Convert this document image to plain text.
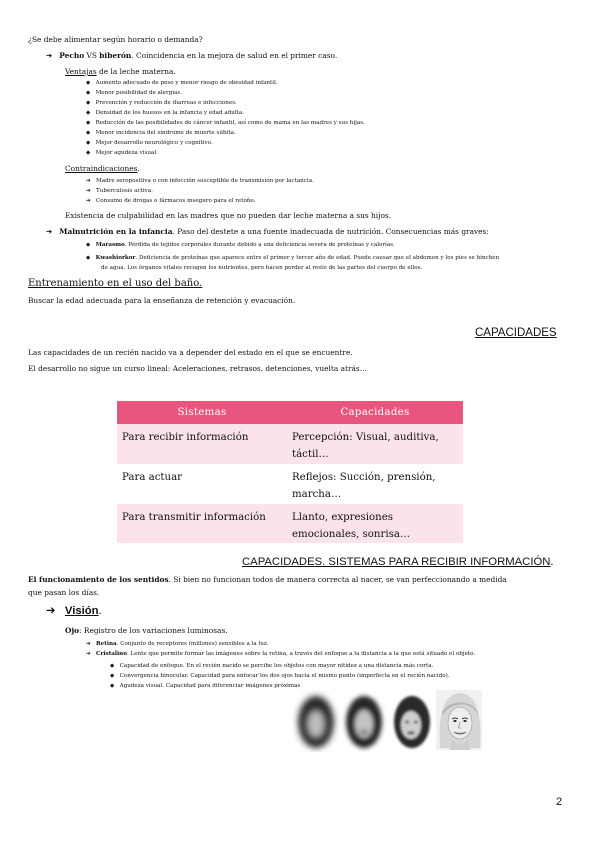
¿Se debe alimentar según horario o demanda?
➔ Pecho VS biberón. Coincidencia en la mejora de salud en el primer caso.
Ventajas de la leche materna.
◆ Aumento adecuado de peso y menor riesgo de obesidad infantil.
◆ Menor posibilidad de alergias.
◆ Prevención y reducción de diarreas e infecciones.
◆ Densidad de los huesos en la infancia y edad adulta.
◆ Reducción de las posibilidades de cáncer infantil, así como de mama en las madres y sus hijas.
◆ Menor incidencia del síndrome de muerte súbita.
◆ Mejor desarrollo neurológico y cognitivo.
◆ Mejor agudeza visual.
Contraindicaciones.
➔ Madre seropositiva o con infección susceptible de transmisión por lactancia.
➔ Tuberculosis activa.
➔ Consumo de drogas o fármacos inseguro para el retoño.
Existencia de culpabilidad en las madres que no pueden dar leche materna a sus hijos.
➔ Malnutrición en la infancia. Paso del destete a una fuente inadecuada de nutrición. Consecuencias más graves:
◆ Marasmo. Pérdida de tejidos corporales durante debido a una deficiencia severa de proteínas y calorías.
◆ Kwashiorkor. Deficiencia de proteínas que aparece entre el primer y tercer año de edad. Puede causar que el abdomen y los pies se hinchen
de agua. Los órganos vitales recogen los nutrientes, pero hacen perder al resto de las partes del cuerpo de ellos.
Entrenamiento en el uso del baño.
Buscar la edad adecuada para la enseñanza de retención y evacuación.
CAPACIDADES
Las capacidades de un recién nacido va a depender del estado en el que se encuentre.
El desarrollo no sigue un curso lineal: Aceleraciones, retrasos, detenciones, vuelta atrás…
Sistemas	Capacidades
Para recibir información	Percepción: Visual, auditiva, táctil…
Para actuar	Reflejos: Succión, prensión, marcha…
Para transmitir información	Llanto, expresiones emocionales, sonrisa…
CAPACIDADES. SISTEMAS PARA RECIBIR INFORMACIÓN.
El funcionamiento de los sentidos. Si bien no funcionan todos de manera correcta al nacer, se van perfeccionando a medida
que pasan los días.
➔ Visión.
Ojo: Registro de los variaciones luminosas.
➔ Retina. Conjunto de receptores (millones) sensibles a la luz.
➔ Cristalino. Lente que permite formar las imágenes sobre la retina, a través del enfoque a la distancia a la que está situado el objeto.
◆ Capacidad de enfoque. En el recién nacido se percibe los objetos con mayor nitidez a una distancia más corta.
◆ Convergencia binocular. Capacidad para enfocar los dos ojos hacia el mismo punto (imperfecta en el recién nacido).
◆ Agudeza visual. Capacidad para diferenciar imágenes próximas
2
